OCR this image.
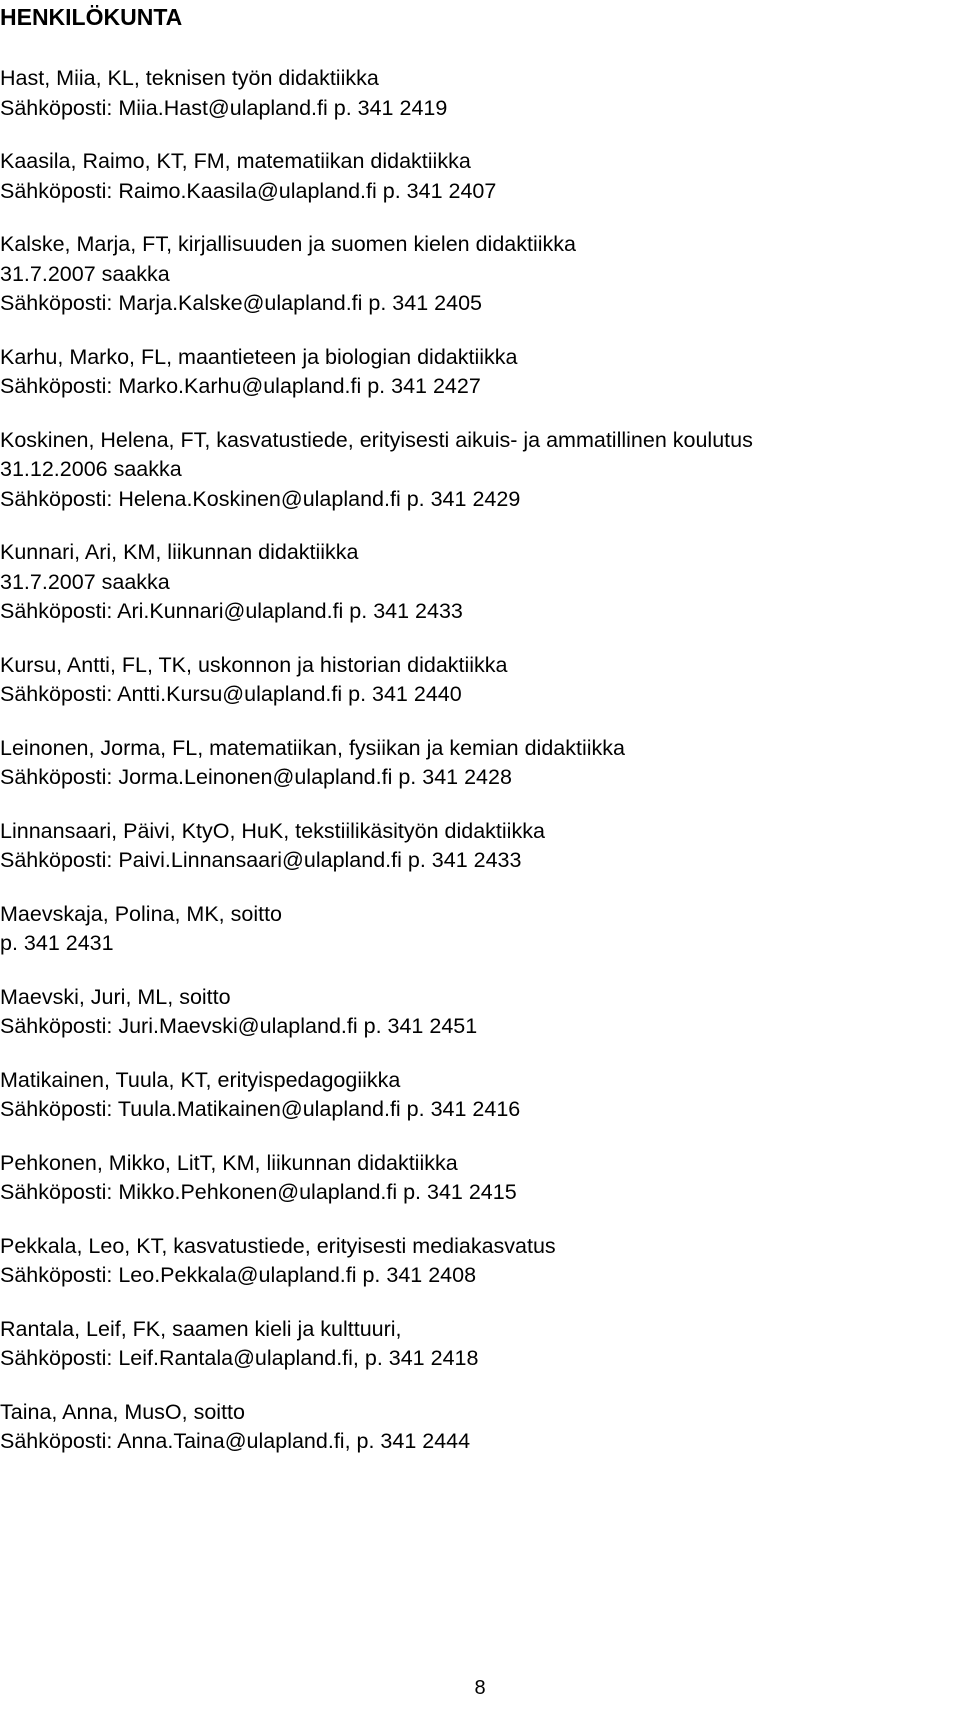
HENKILÖKUNTA
Hast, Miia, KL, teknisen työn didaktiikka
Sähköposti: Miia.Hast@ulapland.fi p. 341 2419
Kaasila, Raimo, KT, FM, matematiikan didaktiikka
Sähköposti: Raimo.Kaasila@ulapland.fi p. 341 2407
Kalske, Marja, FT, kirjallisuuden ja suomen kielen didaktiikka
31.7.2007 saakka
Sähköposti: Marja.Kalske@ulapland.fi p. 341 2405
Karhu, Marko, FL, maantieteen ja biologian didaktiikka
Sähköposti: Marko.Karhu@ulapland.fi p. 341 2427
Koskinen, Helena, FT, kasvatustiede, erityisesti aikuis- ja ammatillinen koulutus
31.12.2006 saakka
Sähköposti: Helena.Koskinen@ulapland.fi p. 341 2429
Kunnari, Ari, KM, liikunnan didaktiikka
31.7.2007 saakka
Sähköposti: Ari.Kunnari@ulapland.fi p. 341 2433
Kursu, Antti, FL, TK, uskonnon ja historian didaktiikka
Sähköposti: Antti.Kursu@ulapland.fi p. 341 2440
Leinonen, Jorma, FL, matematiikan, fysiikan ja kemian didaktiikka
Sähköposti: Jorma.Leinonen@ulapland.fi p. 341 2428
Linnansaari, Päivi, KtyO, HuK, tekstiilikäsityön didaktiikka
Sähköposti: Paivi.Linnansaari@ulapland.fi p. 341 2433
Maevskaja, Polina, MK, soitto
p. 341 2431
Maevski, Juri, ML, soitto
Sähköposti: Juri.Maevski@ulapland.fi p. 341 2451
Matikainen, Tuula, KT, erityispedagogiikka
Sähköposti: Tuula.Matikainen@ulapland.fi p. 341 2416
Pehkonen, Mikko, LitT, KM, liikunnan didaktiikka
Sähköposti: Mikko.Pehkonen@ulapland.fi p. 341 2415
Pekkala, Leo, KT, kasvatustiede, erityisesti mediakasvatus
Sähköposti: Leo.Pekkala@ulapland.fi p. 341 2408
Rantala, Leif, FK, saamen kieli ja kulttuuri,
Sähköposti: Leif.Rantala@ulapland.fi, p. 341 2418
Taina, Anna, MusO, soitto
Sähköposti: Anna.Taina@ulapland.fi, p. 341 2444
8
